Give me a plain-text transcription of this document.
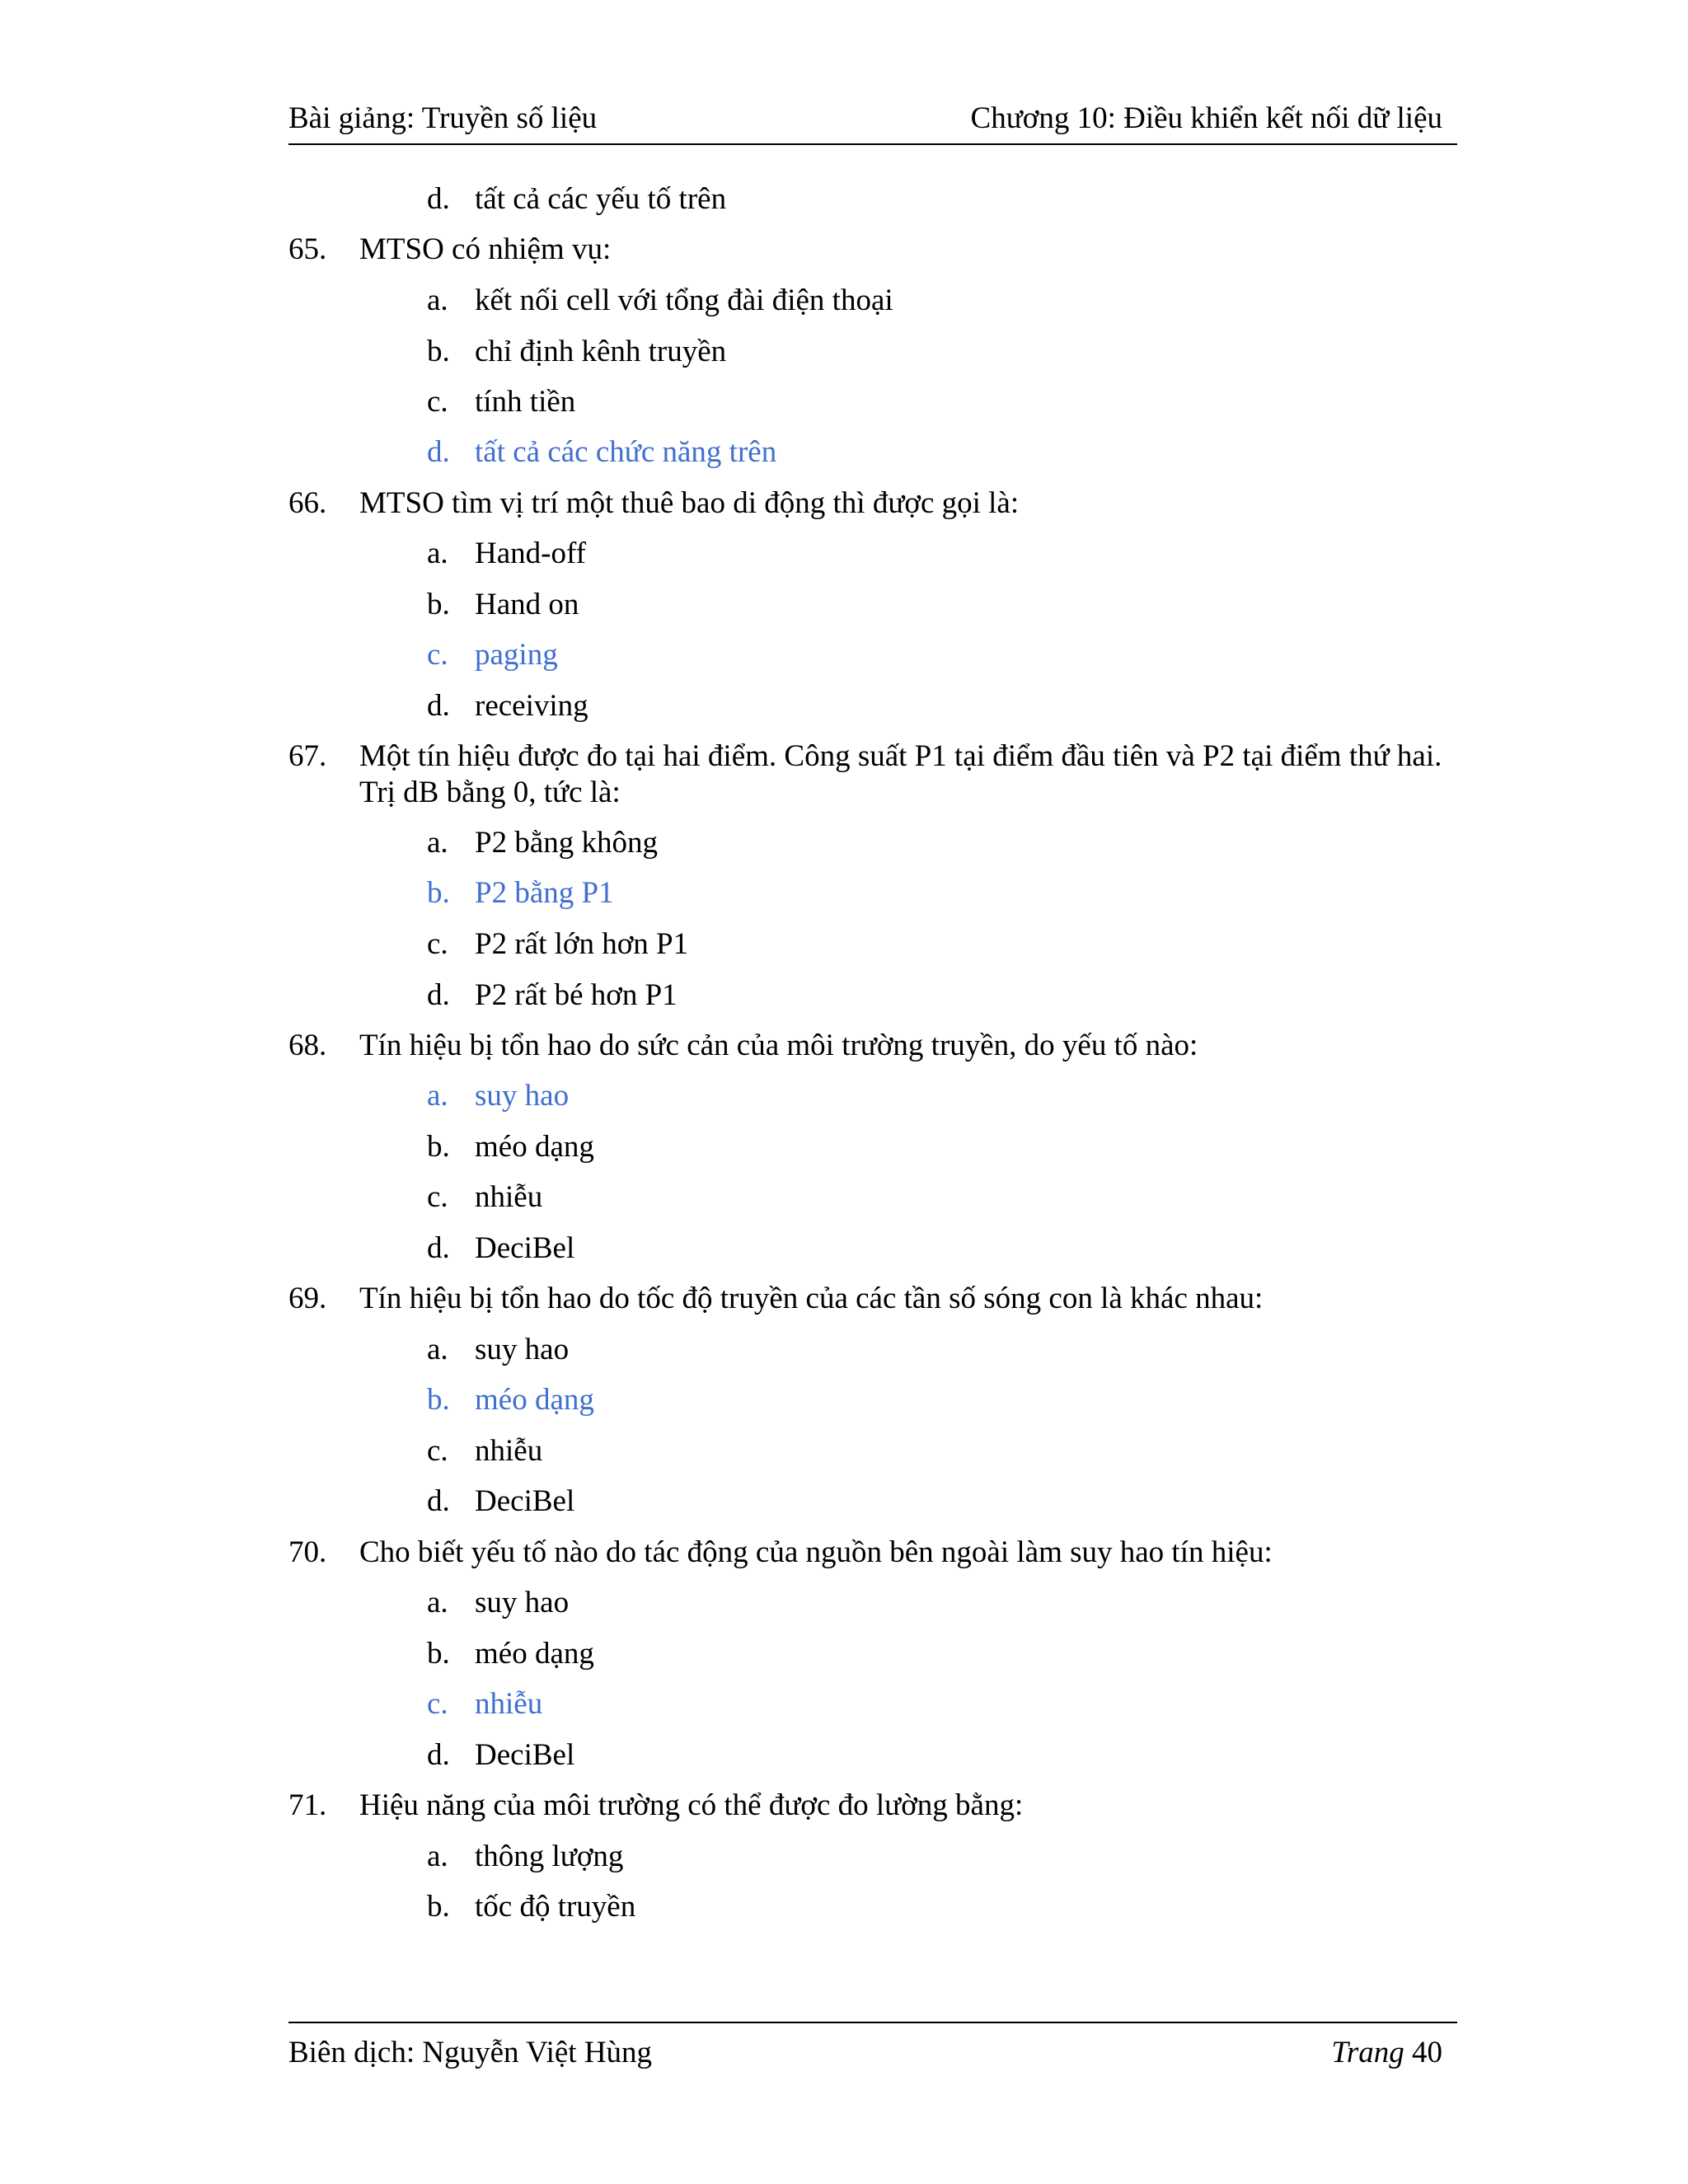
Bài giảng: Truyền số liệu	Chương 10: Điều khiển kết nối dữ liệu
d. tất cả các yếu tố trên
65. MTSO có nhiệm vụ:
a. kết nối cell với tổng đài điện thoại
b. chỉ định kênh truyền
c. tính tiền
d. tất cả các chức năng trên
66. MTSO tìm vị trí một thuê bao di động thì được gọi là:
a. Hand-off
b. Hand on
c. paging
d. receiving
67. Một tín hiệu được đo tại hai điểm. Công suất P1 tại điểm đầu tiên và P2 tại điểm thứ hai. Trị dB bằng 0, tức là:
a. P2 bằng không
b. P2 bằng P1
c. P2 rất lớn hơn P1
d. P2 rất bé hơn P1
68. Tín hiệu bị tổn hao do sức cản của môi trường truyền, do yếu tố nào:
a. suy hao
b. méo dạng
c. nhiễu
d. DeciBel
69. Tín hiệu bị tổn hao do tốc độ truyền của các tần số sóng con là khác nhau:
a. suy hao
b. méo dạng
c. nhiễu
d. DeciBel
70. Cho biết yếu tố nào do tác động của nguồn bên ngoài làm suy hao tín hiệu:
a. suy hao
b. méo dạng
c. nhiễu
d. DeciBel
71. Hiệu năng của môi trường có thể được đo lường bằng:
a. thông lượng
b. tốc độ truyền
Biên dịch: Nguyễn Việt Hùng	Trang 40
